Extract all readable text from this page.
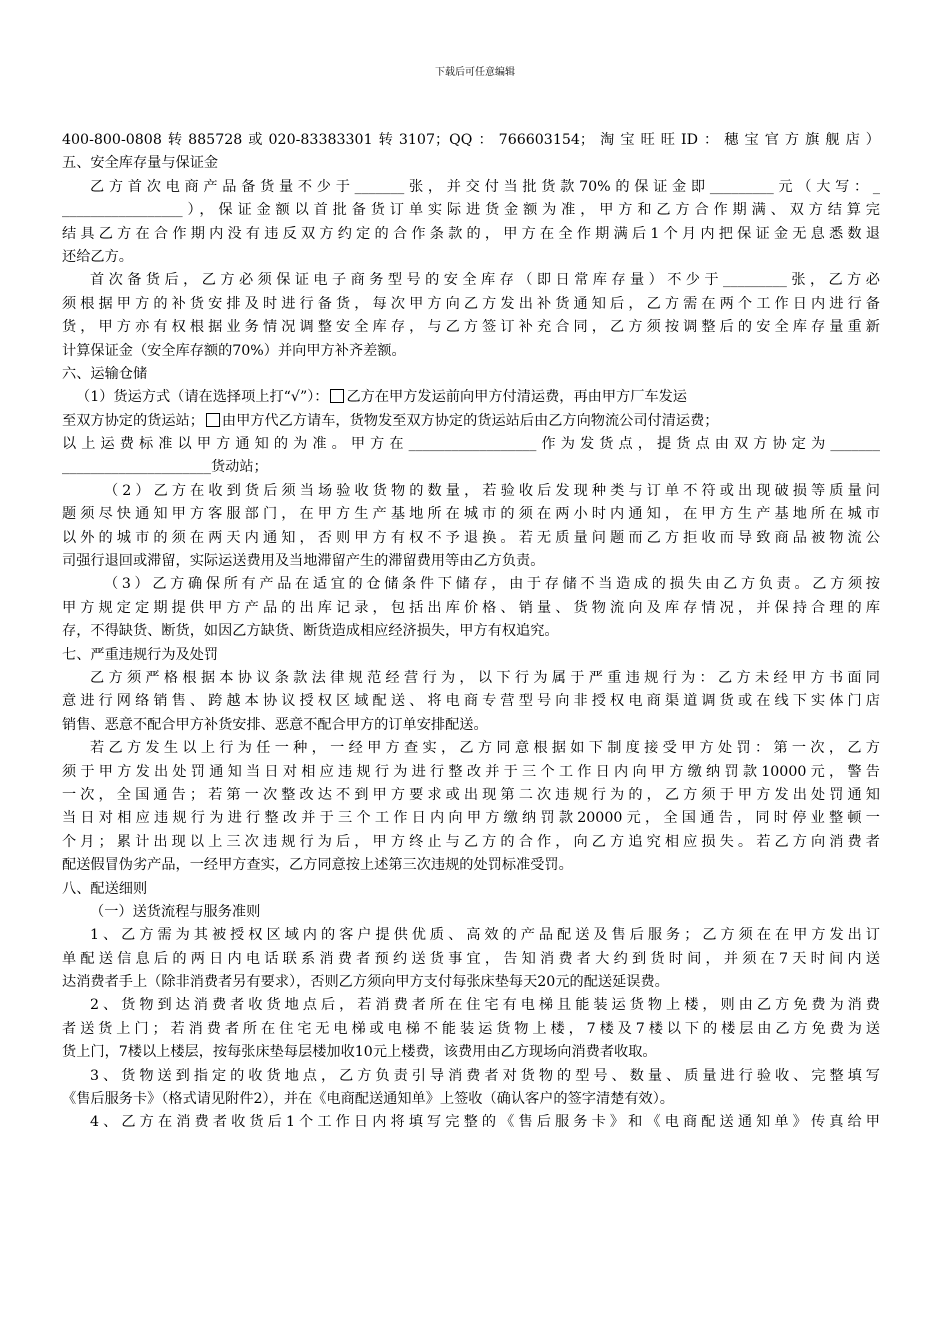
下载后可任意编辑
400-800-0808转885728或020-83383301转3107；QQ：766603154；淘宝旺旺ID：穗宝官方旗舰店）
五、安全库存量与保证金
乙方首次电商产品备货量不少于_______张，并交付当批货款70%的保证金即_________元（大写：_
_________________），保证金额以首批备货订单实际进货金额为准，甲方和乙方合作期满、双方结算完
结具乙方在合作期内没有违反双方约定的合作条款的，甲方在全作期满后1个月内把保证金无息悉数退
还给乙方。
首次备货后，乙方必须保证电子商务型号的安全库存（即日常库存量）不少于_________张，乙方必
须根据甲方的补货安排及时进行备货，每次甲方向乙方发出补货通知后，乙方需在两个工作日内进行备
货，甲方亦有权根据业务情况调整安全库存，与乙方签订补充合同，乙方须按调整后的安全库存量重新
计算保证金（安全库存额的70%）并向甲方补齐差额。
六、运输仓储
（1）货运方式（请在选择项上打“√”）： 乙方在甲方发运前向甲方付清运费，再由甲方厂车发运
至双方协定的货运站； 由甲方代乙方请车，货物发至双方协定的货运站后由乙方向物流公司付清运费；
以上运费标准以甲方通知的为准。甲方在__________________作为发货点，提货点由双方协定为_______
_____________________货动站；
（2）乙方在收到货后须当场验收货物的数量，若验收后发现种类与订单不符或出现破损等质量问
题须尽快通知甲方客服部门，在甲方生产基地所在城市的须在两小时内通知，在甲方生产基地所在城市
以外的城市的须在两天内通知，否则甲方有权不予退换。若无质量问题而乙方拒收而导致商品被物流公
司强行退回或滞留，实际运送费用及当地滞留产生的滞留费用等由乙方负责。
（3）乙方确保所有产品在适宜的仓储条件下储存，由于存储不当造成的损失由乙方负责。乙方须按
甲方规定定期提供甲方产品的出库记录，包括出库价格、销量、货物流向及库存情况，并保持合理的库
存，不得缺货、断货，如因乙方缺货、断货造成相应经济损失，甲方有权追究。
七、严重违规行为及处罚
乙方须严格根据本协议条款法律规范经营行为，以下行为属于严重违规行为：乙方未经甲方书面同
意进行网络销售、跨越本协议授权区域配送、将电商专营型号向非授权电商渠道调货或在线下实体门店
销售、恶意不配合甲方补货安排、恶意不配合甲方的订单安排配送。
若乙方发生以上行为任一种，一经甲方查实，乙方同意根据如下制度接受甲方处罚：第一次，乙方
须于甲方发出处罚通知当日对相应违规行为进行整改并于三个工作日内向甲方缴纳罚款10000元，警告
一次，全国通告；若第一次整改达不到甲方要求或出现第二次违规行为的，乙方须于甲方发出处罚通知
当日对相应违规行为进行整改并于三个工作日内向甲方缴纳罚款20000元，全国通告，同时停业整顿一
个月；累计出现以上三次违规行为后，甲方终止与乙方的合作，向乙方追究相应损失。若乙方向消费者
配送假冒伪劣产品，一经甲方查实，乙方同意按上述第三次违规的处罚标准受罚。
八、配送细则
（一）送货流程与服务准则
1、乙方需为其被授权区域内的客户提供优质、高效的产品配送及售后服务；乙方须在在甲方发出订
单配送信息后的两日内电话联系消费者预约送货事宜，告知消费者大约到货时间，并须在7天时间内送
达消费者手上（除非消费者另有要求），否则乙方须向甲方支付每张床垫每天20元的配送延误费。
2、货物到达消费者收货地点后，若消费者所在住宅有电梯且能装运货物上楼，则由乙方免费为消费
者送货上门；若消费者所在住宅无电梯或电梯不能装运货物上楼，7楼及7楼以下的楼层由乙方免费为送
货上门，7楼以上楼层，按每张床垫每层楼加收10元上楼费，该费用由乙方现场向消费者收取。
3、货物送到指定的收货地点，乙方负责引导消费者对货物的型号、数量、质量进行验收、完整填写
《售后服务卡》（格式请见附件2），并在《电商配送通知单》上签收（确认客户的签字清楚有效）。
4、乙方在消费者收货后1个工作日内将填写完整的《售后服务卡》和《电商配送通知单》传真给甲
